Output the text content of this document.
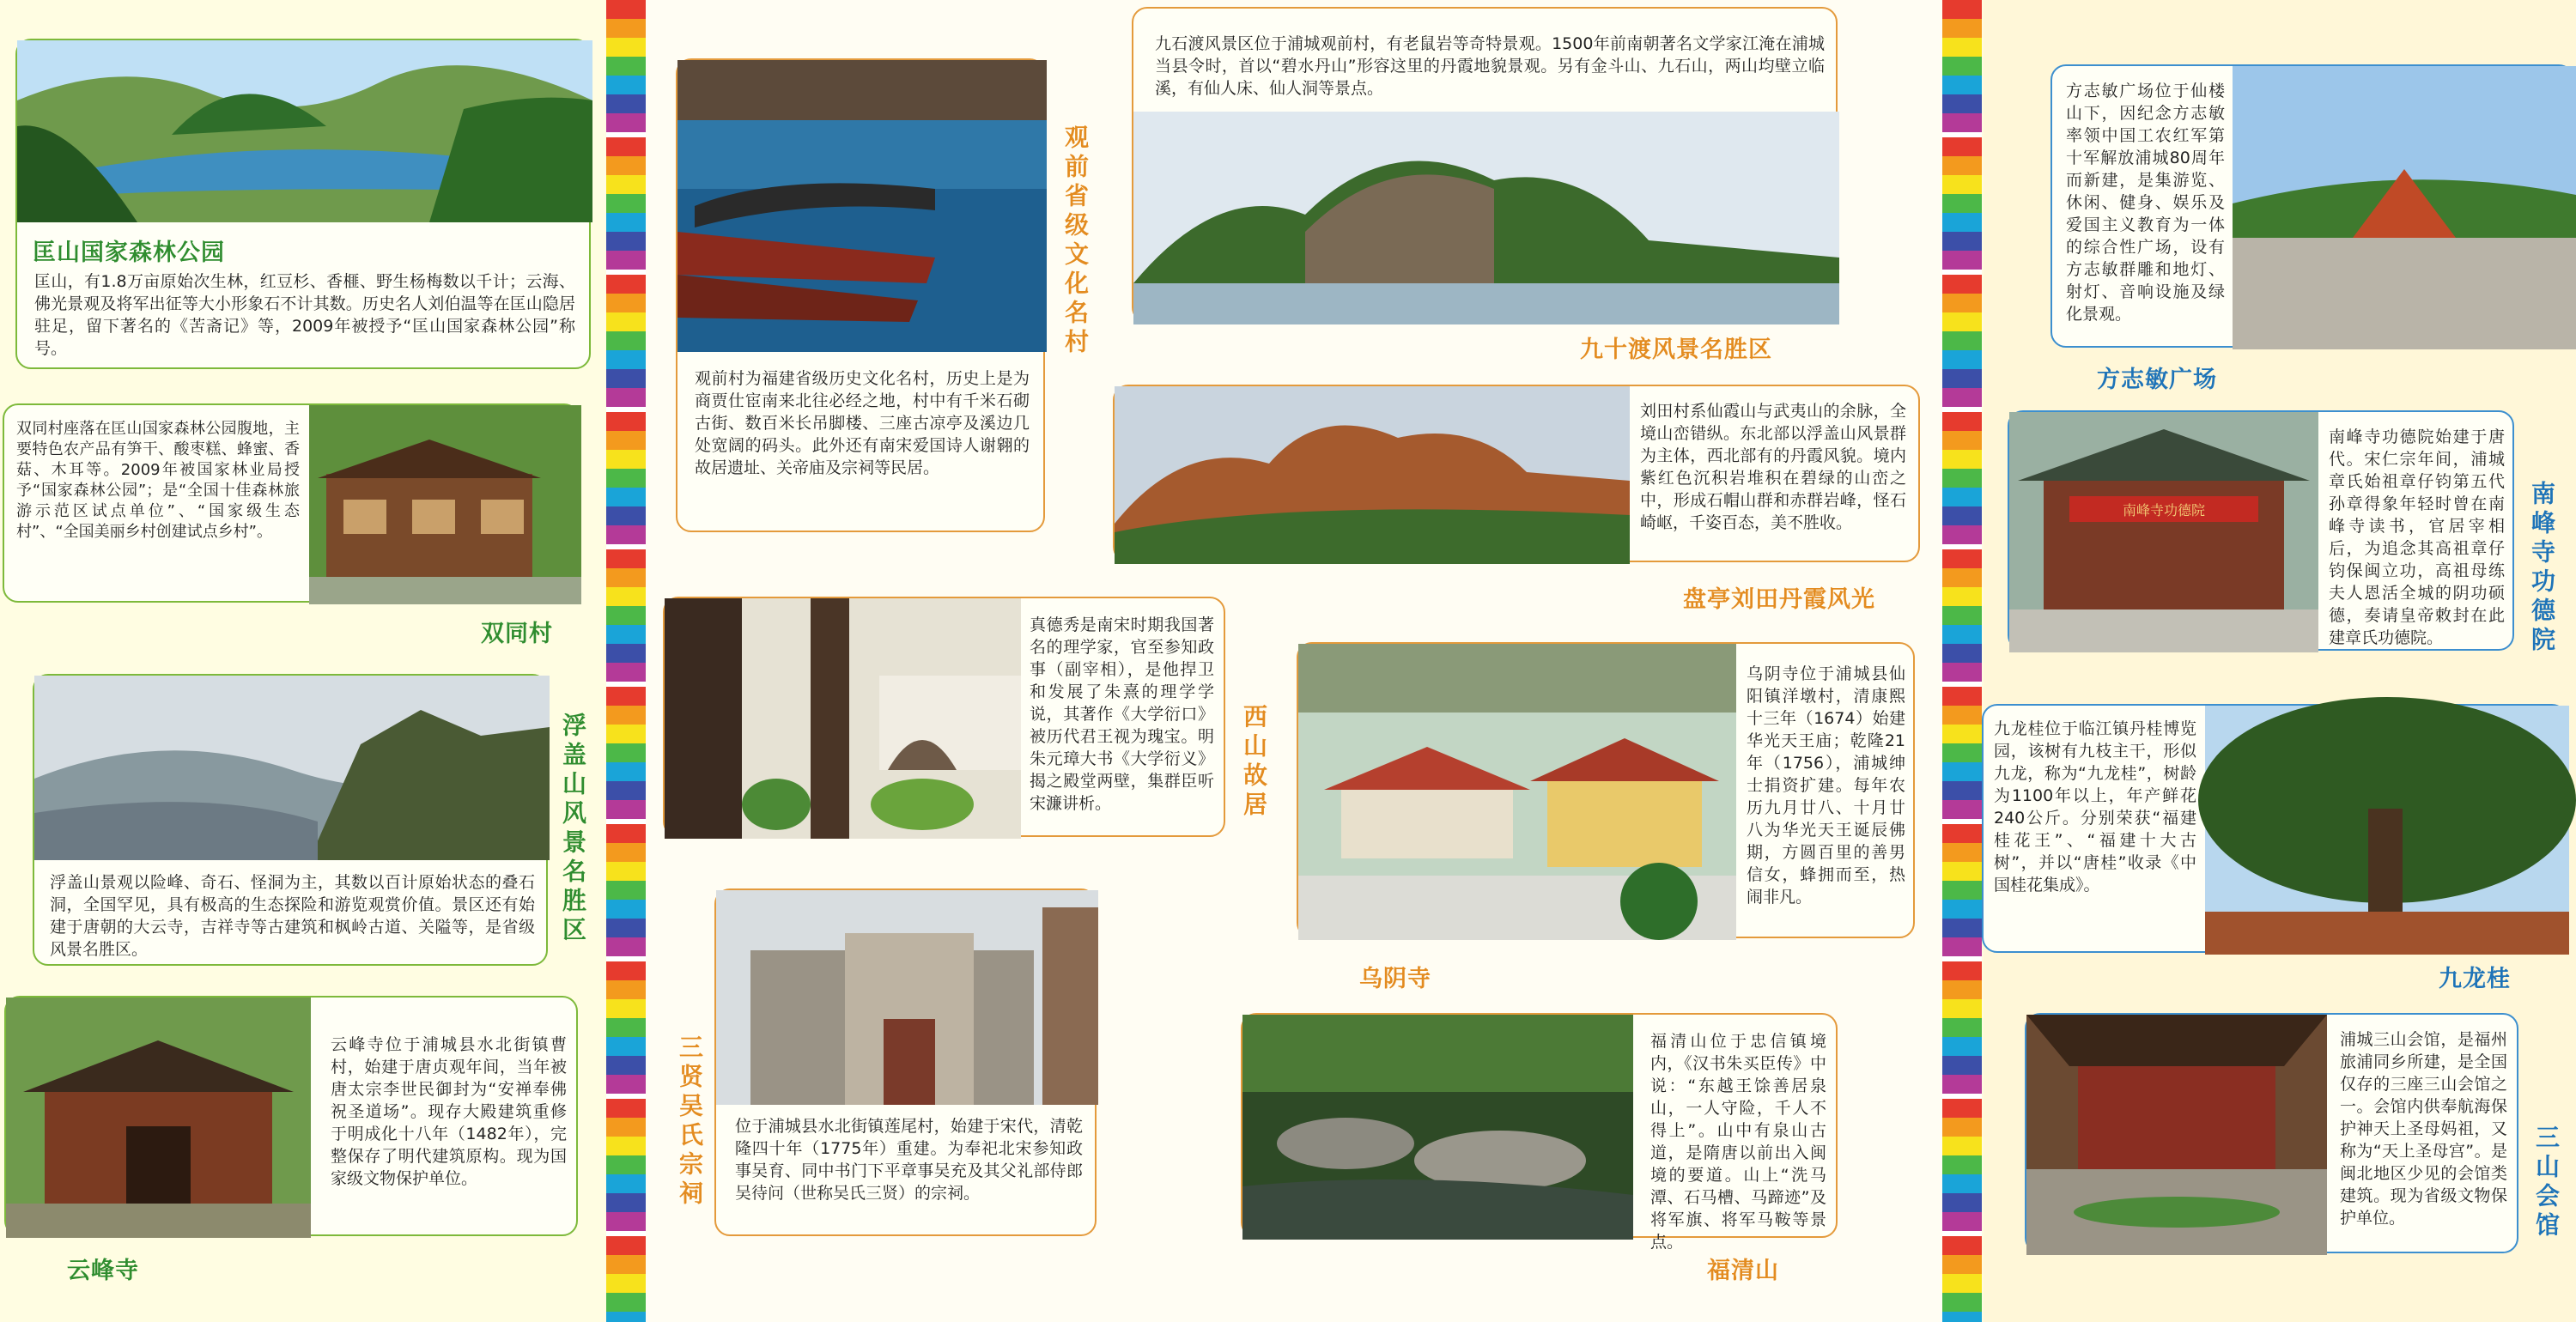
匡山国家森林公园

匡山，有1.8万亩原始次生林，红豆杉、香榧、野生杨梅数以千计；云海、佛光景观及将军出征等大小形象石不计其数。历史名人刘伯温等在匡山隐居驻足，留下著名的《苦斋记》等，2009年被授予“匡山国家森林公园”称号。

双同村座落在匡山国家森林公园腹地，主要特色农产品有笋干、酸枣糕、蜂蜜、香菇、木耳等。2009年被国家林业局授予“国家森林公园”；是“全国十佳森林旅游示范区试点单位”、“国家级生态村”、“全国美丽乡村创建试点乡村”。

双同村

浮盖山景观以险峰、奇石、怪洞为主，其数以百计原始状态的叠石洞，全国罕见，具有极高的生态探险和游览观赏价值。景区还有始建于唐朝的大云寺，吉祥寺等古建筑和枫岭古道、关隘等，是省级风景名胜区。

浮盖山风景名胜区

云峰寺位于浦城县水北街镇曹村，始建于唐贞观年间，当年被唐太宗李世民御封为“安禅奉佛祝圣道场”。现存大殿建筑重修于明成化十八年（1482年），完整保存了明代建筑原构。现为国家级文物保护单位。

云峰寺

观前村为福建省级历史文化名村，历史上是为商贾仕宦南来北往必经之地，村中有千米石砌古街、数百米长吊脚楼、三座古凉亭及溪边几处宽阔的码头。此外还有南宋爱国诗人谢翱的故居遗址、关帝庙及宗祠等民居。

观前省级文化名村

真德秀是南宋时期我国著名的理学家，官至参知政事（副宰相），是他捍卫和发展了朱熹的理学学说，其著作《大学衍口》被历代君王视为瑰宝。明朱元璋大书《大学衍义》揭之殿堂两壁，集群臣听宋濂讲析。	西山故居

位于浦城县水北街镇莲尾村，始建于宋代，清乾隆四十年（1775年）重建。为奉祀北宋参知政事吴育、同中书门下平章事吴充及其父礼部侍郎吴待问（世称吴氏三贤）的宗祠。

三贤吴氏宗祠

九石渡风景区位于浦城观前村，有老鼠岩等奇特景观。1500年前南朝著名文学家江淹在浦城当县令时，首以“碧水丹山”形容这里的丹霞地貌景观。另有金斗山、九石山，两山均壁立临溪，有仙人床、仙人洞等景点。

九十渡风景名胜区

刘田村系仙霞山与武夷山的余脉，全境山峦错纵。东北部以浮盖山风景群为主体，西北部有的丹霞风貌。境内紫红色沉积岩堆积在碧绿的山峦之中，形成石帽山群和赤群岩峰，怪石崎岖，千姿百态，美不胜收。

盘亭刘田丹霞风光

乌阴寺位于浦城县仙阳镇洋墩村，清康熙十三年（1674）始建华光天王庙；乾隆21年（1756），浦城绅士捐资扩建。每年农历九月廿八、十月廿八为华光天王诞辰佛期，方圆百里的善男信女，蜂拥而至，热闹非凡。

乌阴寺

福清山位于忠信镇境内，《汉书朱买臣传》中说：“东越王馀善居泉山，一人守险，千人不得上”。山中有泉山古道，是隋唐以前出入闽境的要道。山上“洗马潭、石马槽、马蹄迹”及将军旗、将军马鞍等景点。

福清山

方志敏广场位于仙楼山下，因纪念方志敏率领中国工农红军第十军解放浦城80周年而新建，是集游览、休闲、健身、娱乐及爱国主义教育为一体的综合性广场，设有方志敏群雕和地灯、射灯、音响设施及绿化景观。

方志敏广场

南峰寺功德院

南峰寺功德院始建于唐代。宋仁宗年间，浦城章氏始祖章仔钧第五代孙章得象年轻时曾在南峰寺读书，官居宰相后，为追念其高祖章仔钧保闽立功，高祖母练夫人恩活全城的阴功硕德，奏请皇帝敕封在此建章氏功德院。	南峰寺功德院

九龙桂位于临江镇丹桂博览园，该树有九枝主干，形似九龙，称为“九龙桂”，树龄为1100年以上，年产鲜花240公斤。分别荣获“福建桂花王”、“福建十大古树”，并以“唐桂”收录《中国桂花集成》。

九龙桂

浦城三山会馆，是福州旅浦同乡所建，是全国仅存的三座三山会馆之一。会馆内供奉航海保护神天上圣母妈祖，又称为“天上圣母宫”。是闽北地区少见的会馆类建筑。现为省级文物保护单位。	三山会馆
